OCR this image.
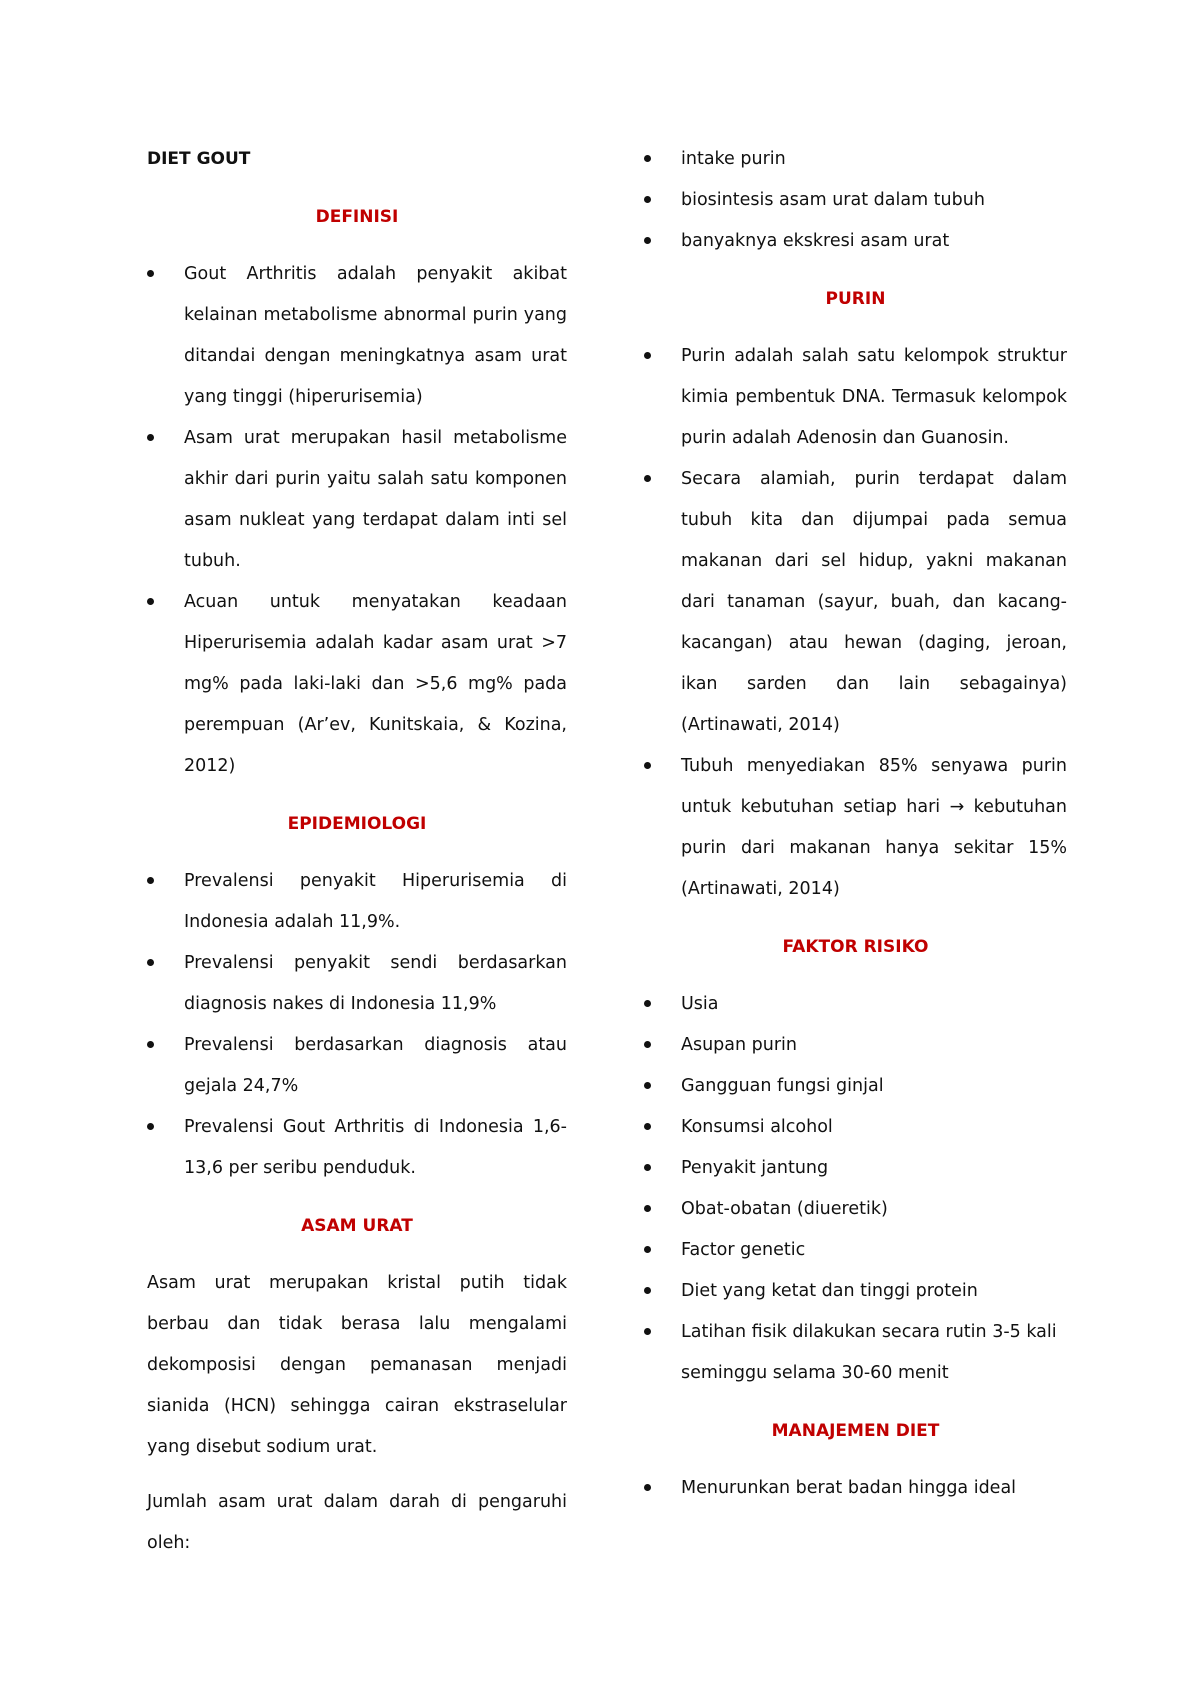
DIET GOUT
DEFINISI
Gout Arthritis adalah penyakit akibat kelainan metabolisme abnormal purin yang ditandai dengan meningkatnya asam urat yang tinggi (hiperurisemia)
Asam urat merupakan hasil metabolisme akhir dari purin yaitu salah satu komponen asam nukleat yang terdapat dalam inti sel tubuh.
Acuan untuk menyatakan keadaan Hiperurisemia adalah kadar asam urat >7 mg% pada laki-laki dan >5,6 mg% pada perempuan (Ar’ev, Kunitskaia, & Kozina, 2012)
EPIDEMIOLOGI
Prevalensi penyakit Hiperurisemia di Indonesia adalah 11,9%.
Prevalensi penyakit sendi berdasarkan diagnosis nakes di Indonesia 11,9%
Prevalensi berdasarkan diagnosis atau gejala 24,7%
Prevalensi Gout Arthritis di Indonesia 1,6-13,6 per seribu penduduk.
ASAM URAT

Asam urat merupakan kristal putih tidak berbau dan tidak berasa lalu mengalami dekomposisi dengan pemanasan menjadi sianida (HCN) sehingga cairan ekstraselular yang disebut sodium urat.

Jumlah asam urat dalam darah di pengaruhi oleh:

intake purin
biosintesis asam urat dalam tubuh
banyaknya ekskresi asam urat
PURIN
Purin adalah salah satu kelompok struktur kimia pembentuk DNA. Termasuk kelompok purin adalah Adenosin dan Guanosin.
Secara alamiah, purin terdapat dalam tubuh kita dan dijumpai pada semua makanan dari sel hidup, yakni makanan dari tanaman (sayur, buah, dan kacang-kacangan) atau hewan (daging, jeroan, ikan sarden dan lain sebagainya) (Artinawati, 2014)
Tubuh menyediakan 85% senyawa purin untuk kebutuhan setiap hari → kebutuhan purin dari makanan hanya sekitar 15% (Artinawati, 2014)
FAKTOR RISIKO
Usia
Asupan purin
Gangguan fungsi ginjal
Konsumsi alcohol
Penyakit jantung
Obat-obatan (diueretik)
Factor genetic
Diet yang ketat dan tinggi protein
Latihan fisik dilakukan secara rutin 3-5 kali seminggu selama 30-60 menit
MANAJEMEN DIET
Menurunkan berat badan hingga ideal
